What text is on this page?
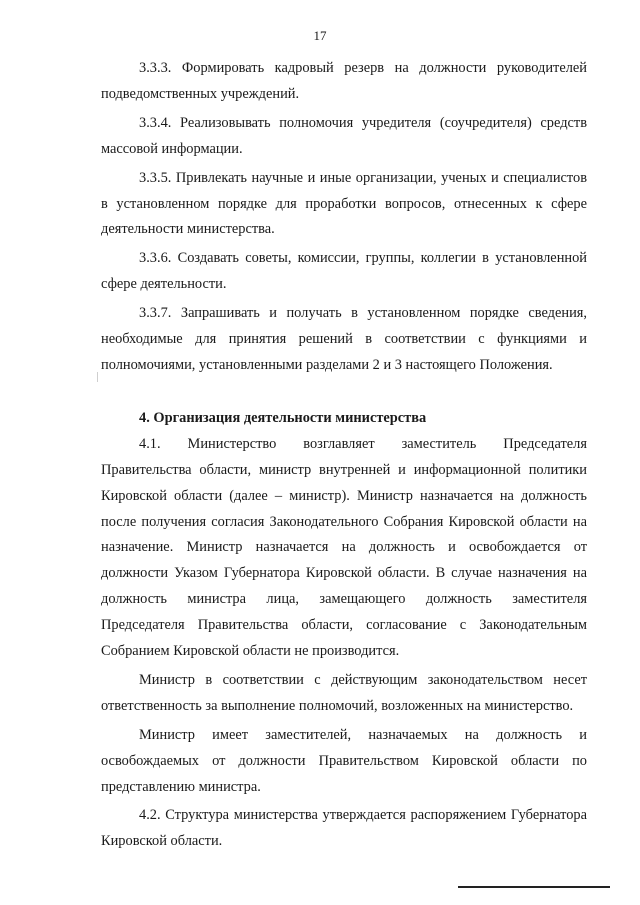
17

3.3.3. Формировать кадровый резерв на должности руководителей подведомственных учреждений.

3.3.4. Реализовывать полномочия учредителя (соучредителя) средств массовой информации.

3.3.5. Привлекать научные и иные организации, ученых и специалистов в установленном порядке для проработки вопросов, отнесенных к сфере деятельности министерства.

3.3.6. Создавать советы, комиссии, группы, коллегии в установленной сфере деятельности.

3.3.7. Запрашивать и получать в установленном порядке сведения, необходимые для принятия решений в соответствии с функциями и полномочиями, установленными разделами 2 и 3 настоящего Положения.

4. Организация деятельности министерства

4.1. Министерство возглавляет заместитель Председателя Правительства области, министр внутренней и информационной политики Кировской области (далее – министр). Министр назначается на должность после получения согласия Законодательного Собрания Кировской области на назначение. Министр назначается на должность и освобождается от должности Указом Губернатора Кировской области. В случае назначения на должность министра лица, замещающего должность заместителя Председателя Правительства области, согласование с Законодательным Собранием Кировской области не производится.

Министр в соответствии с действующим законодательством несет ответственность за выполнение полномочий, возложенных на министерство.

Министр имеет заместителей, назначаемых на должность и освобождаемых от должности Правительством Кировской области по представлению министра.

4.2. Структура министерства утверждается распоряжением Губернатора Кировской области.
